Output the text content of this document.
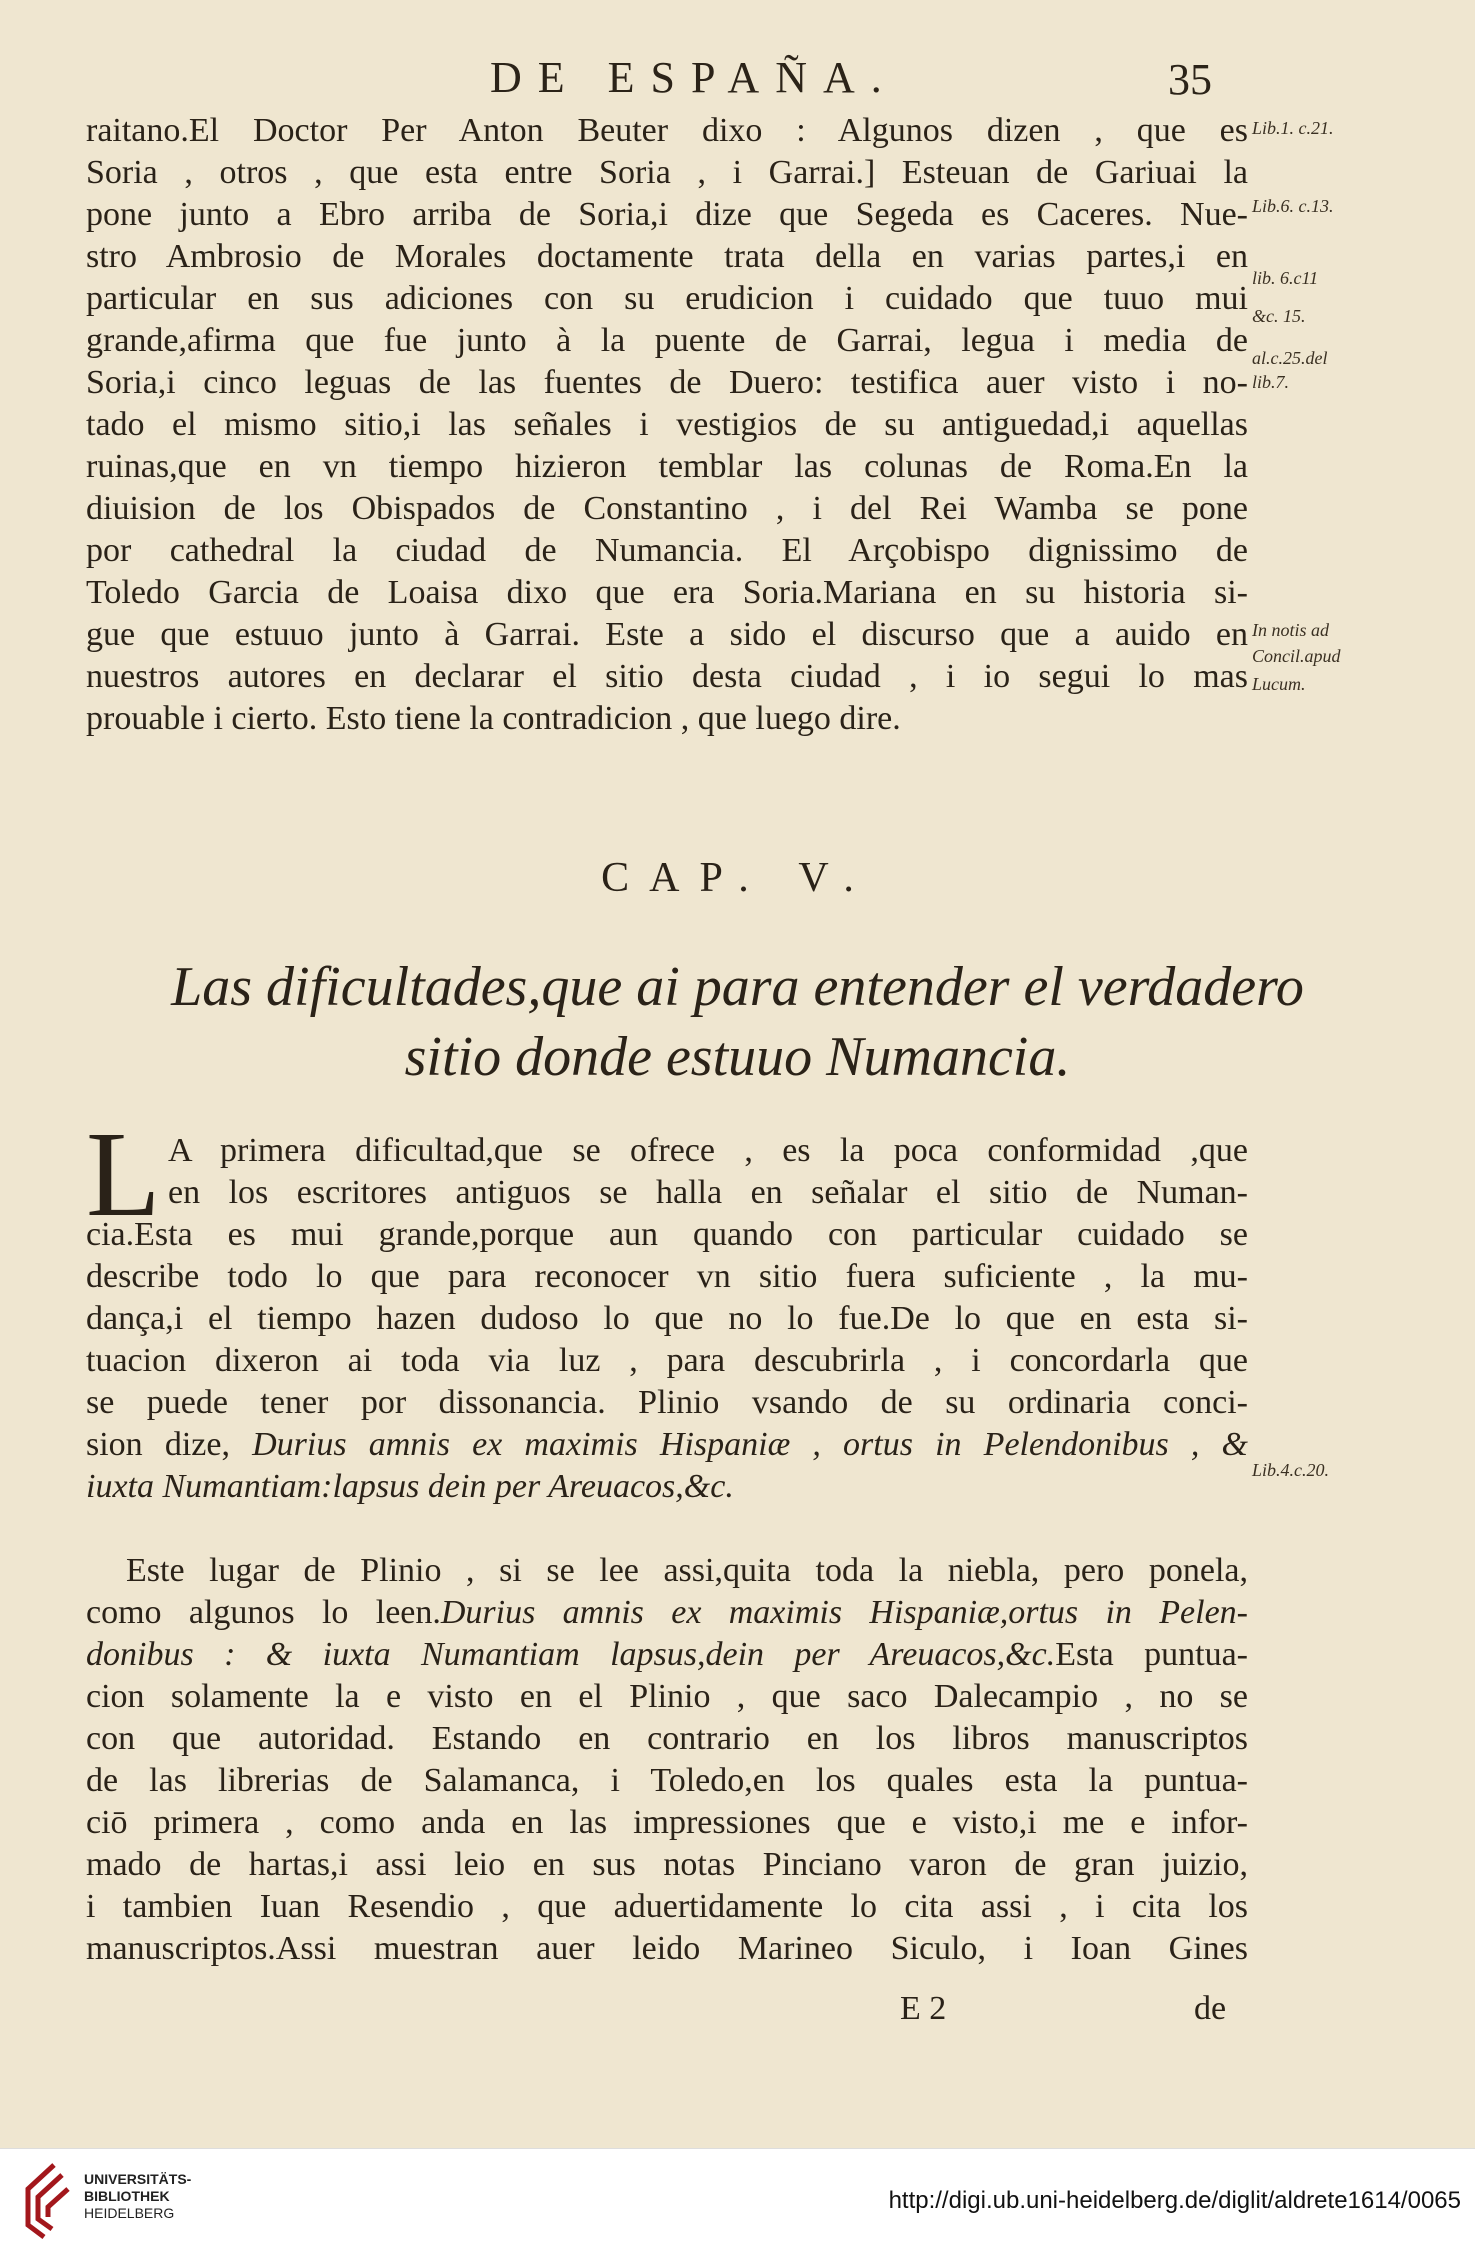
DE ESPAÑA.	35
raitano.El Doctor Per Anton Beuter dixo : Algunos dizen , que es
Soria , otros , que esta entre Soria , i Garrai.] Esteuan de Gariuai la
pone junto a Ebro arriba de Soria,i dize que Segeda es Caceres. Nue-
stro Ambrosio de Morales doctamente trata della en varias partes,i en
particular en sus adiciones con su erudicion i cuidado que tuuo mui
grande,afirma que fue junto à la puente de Garrai, legua i media de
Soria,i cinco leguas de las fuentes de Duero: testifica auer visto i no-
tado el mismo sitio,i las señales i vestigios de su antiguedad,i aquellas
ruinas,que en vn tiempo hizieron temblar las colunas de Roma.En la
diuision de los Obispados de Constantino , i del Rei Wamba se pone
por cathedral la ciudad de Numancia. El Arçobispo dignissimo de
Toledo Garcia de Loaisa dixo que era Soria.Mariana en su historia si-
gue que estuuo junto à Garrai. Este a sido el discurso que a auido en
nuestros autores en declarar el sitio desta ciudad , i io segui lo mas
prouable i cierto. Esto tiene la contradicion , que luego dire.
Lib.1. c.21.
Lib.6. c.13.
lib. 6.c11
&c. 15.
al.c.25.del
lib.7.
In notis ad
Concil.apud
Lucum.
Lib.4.c.20.
CAP. V.
Las dificultades,que ai para entender el verdadero
sitio donde estuuo Numancia.
L A primera dificultad,que se ofrece , es la poca conformidad ,que
en los escritores antiguos se halla en señalar el sitio de Numan-
cia.Esta es mui grande,porque aun quando con particular cuidado se
describe todo lo que para reconocer vn sitio fuera suficiente , la mu-
dança,i el tiempo hazen dudoso lo que no lo fue.De lo que en esta si-
tuacion dixeron ai toda via luz , para descubrirla , i concordarla que
se puede tener por dissonancia. Plinio vsando de su ordinaria conci-
sion dize, Durius amnis ex maximis Hispaniæ , ortus in Pelendonibus , &
iuxta Numantiam:lapsus dein per Areuacos,&c.
Este lugar de Plinio , si se lee assi,quita toda la niebla, pero ponela,
como algunos lo leen.Durius amnis ex maximis Hispaniæ,ortus in Pelen-
donibus : & iuxta Numantiam lapsus,dein per Areuacos,&c.Esta puntua-
cion solamente la e visto en el Plinio , que saco Dalecampio , no se
con que autoridad. Estando en contrario en los libros manuscriptos
de las librerias de Salamanca, i Toledo,en los quales esta la puntua-
ciō primera , como anda en las impressiones que e visto,i me e infor-
mado de hartas,i assi leio en sus notas Pinciano varon de gran juizio,
i tambien Iuan Resendio , que aduertidamente lo cita assi , i cita los
manuscriptos.Assi muestran auer leido Marineo Siculo, i Ioan Gines
E 2	de
UNIVERSITÄTS-
BIBLIOTHEK
HEIDELBERG	http://digi.ub.uni-heidelberg.de/diglit/aldrete1614/0065
